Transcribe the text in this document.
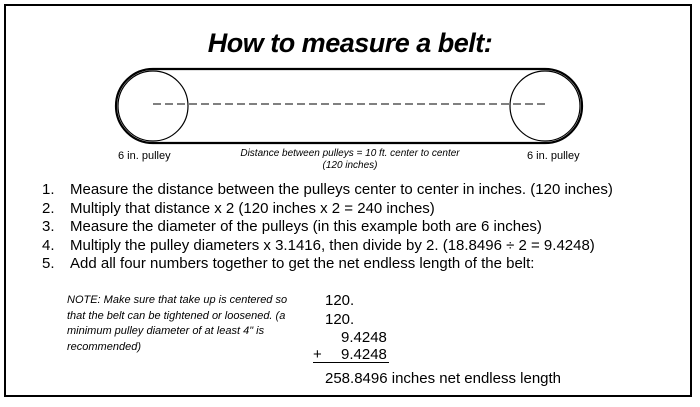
How to measure a belt:
6 in. pulley	6 in. pulley
Distance between pulleys = 10 ft. center to center
(120 inches)
1. Measure the distance between the pulleys center to center in inches. (120 inches)
2. Multiply that distance x 2 (120 inches x 2 = 240 inches)
3. Measure the diameter of the pulleys (in this example both are 6 inches)
4. Multiply the pulley diameters x 3.1416, then divide by 2. (18.8496 ÷ 2 = 9.4248)
5. Add all four numbers together to get the net endless length of the belt:
NOTE: Make sure that take up is centered so that the belt can be tightened or loosened. (a minimum pulley diameter of at least 4" is recommended)
120.
120.
9.4248
+ 9.4248
258.8496 inches net endless length
